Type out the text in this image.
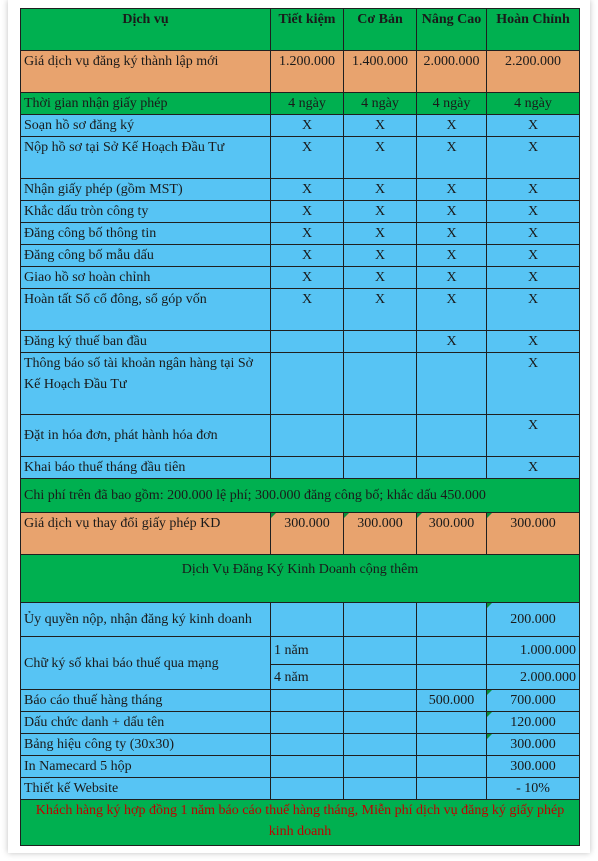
Dịch vụ	Tiết kiệm	Cơ Bản	Nâng Cao	Hoàn Chỉnh
Giá dịch vụ đăng ký thành lập mới	1.200.000	1.400.000	2.000.000	2.200.000
Thời gian nhận giấy phép	4 ngày	4 ngày	4 ngày	4 ngày
Soạn hồ sơ đăng ký	X	X	X	X
Nộp hồ sơ tại Sở Kế Hoạch Đầu Tư	X	X	X	X
Nhận giấy phép (gồm MST)	X	X	X	X
Khắc dấu tròn công ty	X	X	X	X
Đăng công bố thông tin	X	X	X	X
Đăng công bố mẫu dấu	X	X	X	X
Giao hồ sơ hoàn chỉnh	X	X	X	X
Hoàn tất Sổ cổ đông, sổ góp vốn	X	X	X	X
Đăng ký thuế ban đầu			X	X
Thông báo số tài khoản ngân hàng tại Sở Kế Hoạch Đầu Tư				X
Đặt in hóa đơn, phát hành hóa đơn				X
Khai báo thuế tháng đầu tiên				X
Chi phí trên đã bao gồm: 200.000 lệ phí; 300.000 đăng công bố; khắc dấu 450.000				
Giá dịch vụ thay đổi giấy phép KD	300.000	300.000	300.000	300.000
Dịch Vụ Đăng Ký Kinh Doanh cộng thêm				
Ủy quyền nộp, nhận đăng ký kinh doanh				200.000
Chữ ký số khai báo thuế qua mạng	1 năm			1.000.000
	4 năm			2.000.000
Báo cáo thuế hàng tháng			500.000	700.000
Dấu chức danh + dấu tên				120.000
Bảng hiệu công ty (30x30)				300.000
In Namecard 5 hộp				300.000
Thiết kế Website				- 10%
Khách hàng ký hợp đồng 1 năm báo cáo thuế hàng tháng, Miễn phí dịch vụ đăng ký giấy phép kinh doanh				
